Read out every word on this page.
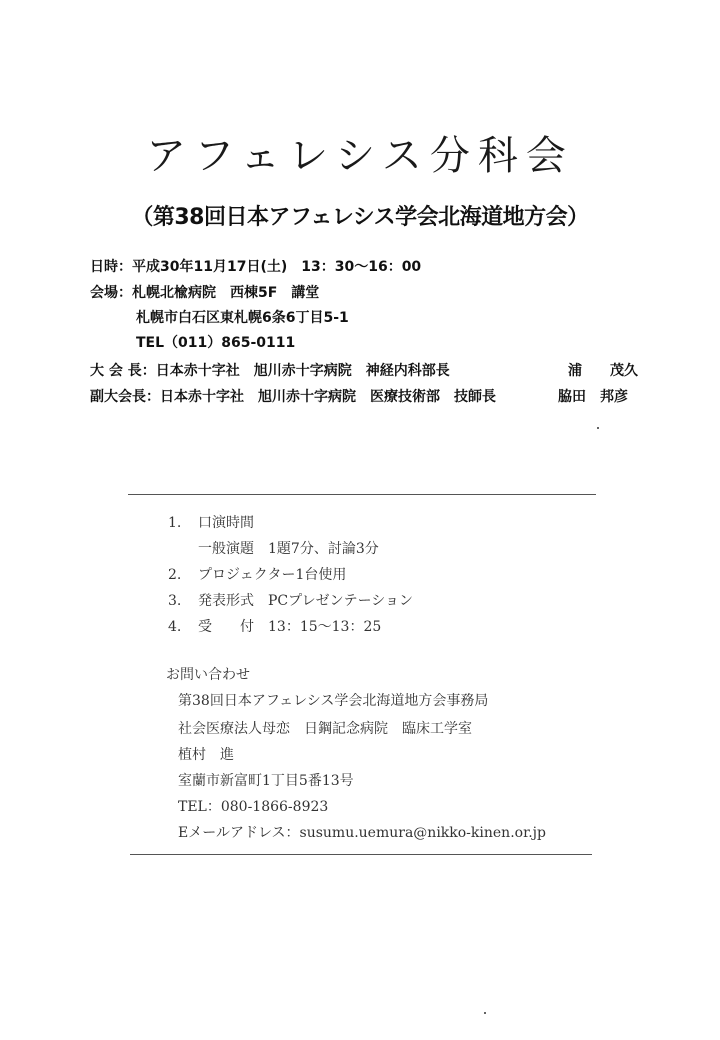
アフェレシス分科会
（第38回日本アフェレシス学会北海道地方会）
日時：平成30年11月17日(土)　13：30〜16：00
会場：札幌北楡病院　西棟5F　講堂
札幌市白石区東札幌6条6丁目5-1
TEL（011）865-0111
大 会 長：日本赤十字社　旭川赤十字病院　神経内科部長	浦　　茂久
副大会長：日本赤十字社　旭川赤十字病院　医療技術部　技師長	脇田　邦彦
1. 口演時間
一般演題　1題7分、討論3分
2. プロジェクター1台使用
3. 発表形式　PCプレゼンテーション
4. 受　　付　13：15〜13：25
お問い合わせ
第38回日本アフェレシス学会北海道地方会事務局
社会医療法人母恋　日鋼記念病院　臨床工学室
植村　進
室蘭市新富町1丁目5番13号
TEL：080-1866-8923
Eメールアドレス：susumu.uemura@nikko-kinen.or.jp
